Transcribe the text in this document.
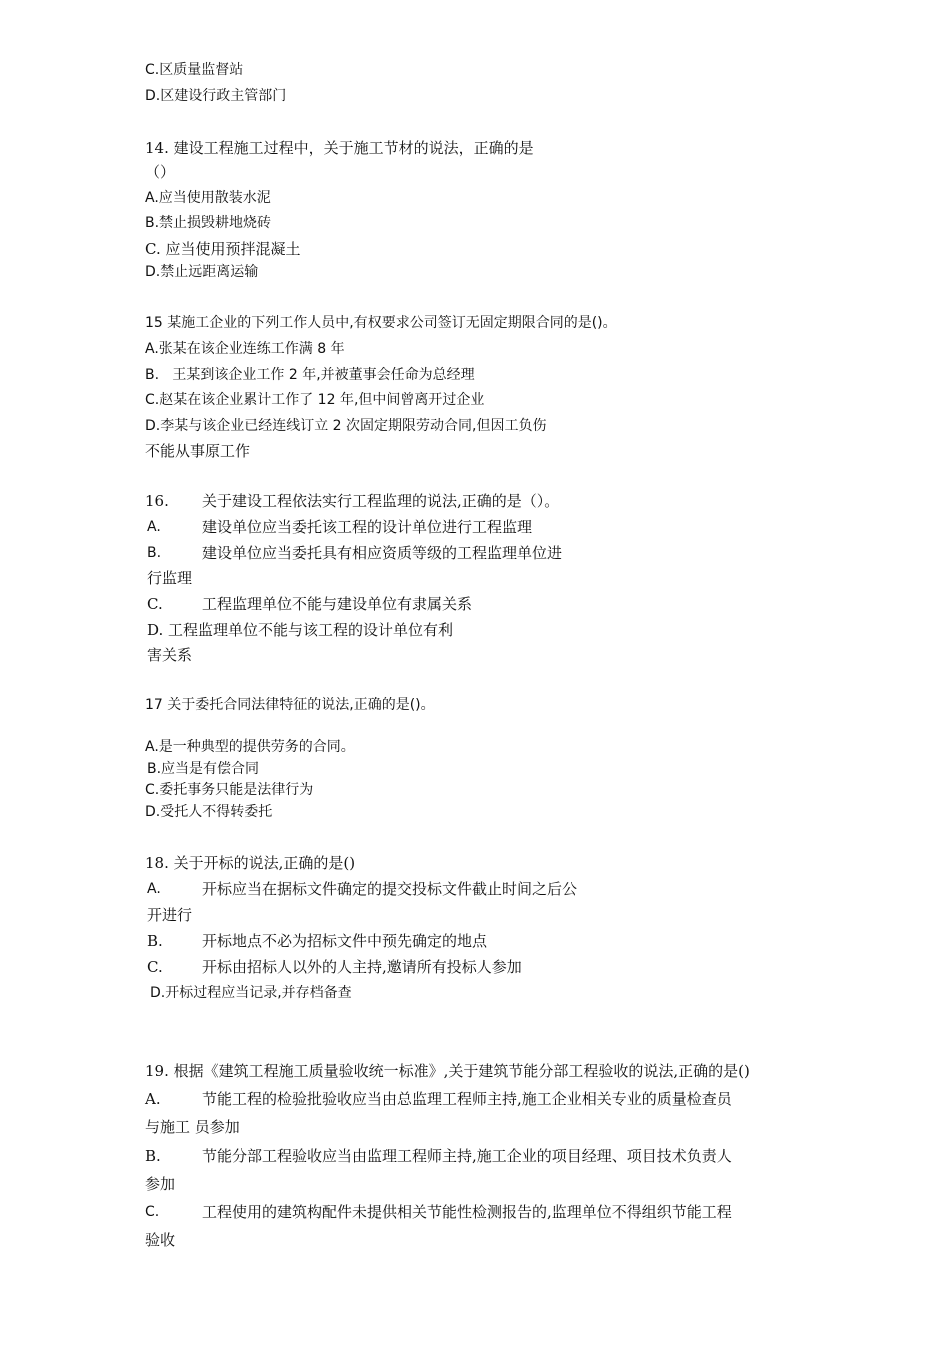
C.区质量监督站
D.区建设行政主管部门
14. 建设工程施工过程中，关于施工节材的说法，正确的是
（）
A.应当使用散装水泥
B.禁止损毁耕地烧砖
C. 应当使用预拌混凝土
D.禁止远距离运输
15 某施工企业的下列工作人员中,有权要求公司签订无固定期限合同的是()。
A.张某在该企业连练工作满 8 年
B.   王某到该企业工作 2 年,并被董事会任命为总经理
C.赵某在该企业累计工作了 12 年,但中间曾离开过企业
D.李某与该企业已经连线订立 2 次固定期限劳动合同,但因工负伤
不能从事原工作
16. 关于建设工程依法实行工程监理的说法,正确的是（）。
A.	建设单位应当委托该工程的设计单位进行工程监理
B.	建设单位应当委托具有相应资质等级的工程监理单位进
行监理
C.	工程监理单位不能与建设单位有隶属关系
D. 工程监理单位不能与该工程的设计单位有利
害关系
17 关于委托合同法律特征的说法,正确的是()。
A.是一种典型的提供劳务的合同。
B.应当是有偿合同
C.委托事务只能是法律行为
D.受托人不得转委托
18. 关于开标的说法,正确的是()
A.	开标应当在据标文件确定的提交投标文件截止时间之后公
开进行
B.	开标地点不必为招标文件中预先确定的地点
C.	开标由招标人以外的人主持,邀请所有投标人参加
D.开标过程应当记录,并存档备查
19. 根据《建筑工程施工质量验收统一标准》,关于建筑节能分部工程验收的说法,正确的是()
A.	节能工程的检验批验收应当由总监理工程师主持,施工企业相关专业的质量检查员
与施工 员参加
B.	节能分部工程验收应当由监理工程师主持,施工企业的项目经理、项目技术负责人
参加
C.	工程使用的建筑构配件未提供相关节能性检测报告的,监理单位不得组织节能工程
验收
